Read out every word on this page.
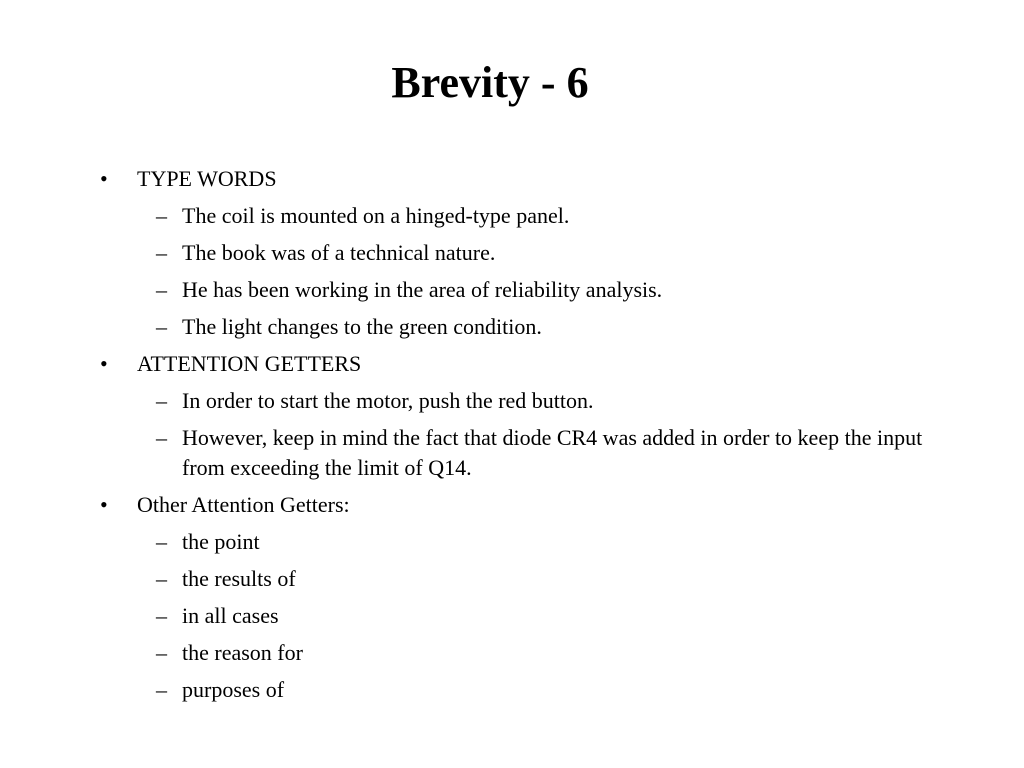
Brevity - 6
•	TYPE WORDS
– The coil is mounted on a hinged-type panel.
– The book was of a technical nature.
– He has been working in the area of reliability analysis.
– The light changes to the green condition.
•	ATTENTION GETTERS
– In order to start the motor, push the red button.
– However, keep in mind the fact that diode CR4 was added in order to keep the input from exceeding the limit of Q14.
•	Other Attention Getters:
– the point
– the results of
– in all cases
– the reason for
– purposes of
